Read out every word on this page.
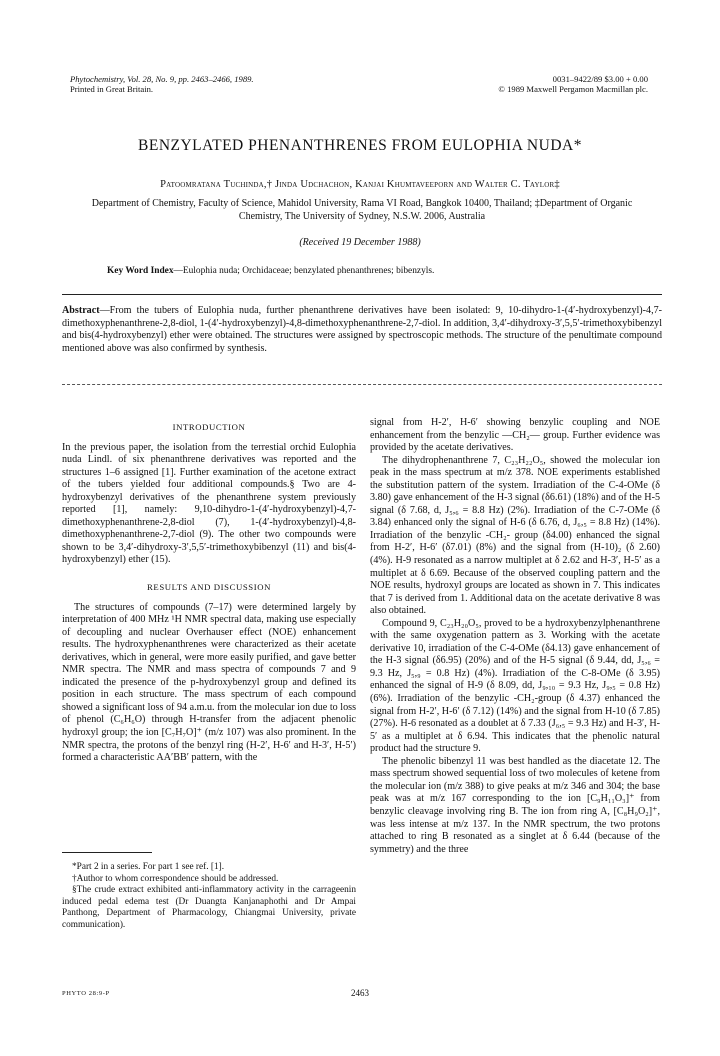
Phytochemistry, Vol. 28, No. 9, pp. 2463–2466, 1989.
Printed in Great Britain.
0031–9422/89 $3.00 + 0.00
© 1989 Maxwell Pergamon Macmillan plc.
BENZYLATED PHENANTHRENES FROM EULOPHIA NUDA*
Patoomratana Tuchinda,† Jinda Udchachon, Kanjai Khumtaveeporn and Walter C. Taylor‡
Department of Chemistry, Faculty of Science, Mahidol University, Rama VI Road, Bangkok 10400, Thailand; ‡Department of Organic Chemistry, The University of Sydney, N.S.W. 2006, Australia
(Received 19 December 1988)
Key Word Index—Eulophia nuda; Orchidaceae; benzylated phenanthrenes; bibenzyls.
Abstract—From the tubers of Eulophia nuda, further phenanthrene derivatives have been isolated: 9, 10-dihydro-1-(4′-hydroxybenzyl)-4,7-dimethoxyphenanthrene-2,8-diol, 1-(4′-hydroxybenzyl)-4,8-dimethoxyphenanthrene-2,7-diol. In addition, 3,4′-dihydroxy-3′,5,5′-trimethoxybibenzyl and bis(4-hydroxybenzyl) ether were obtained. The structures were assigned by spectroscopic methods. The structure of the penultimate compound mentioned above was also confirmed by synthesis.
INTRODUCTION

In the previous paper, the isolation from the terrestial orchid Eulophia nuda Lindl. of six phenanthrene derivatives was reported and the structures 1–6 assigned [1]. Further examination of the acetone extract of the tubers yielded four additional compounds.§ Two are 4-hydroxybenzyl derivatives of the phenanthrene system previously reported [1], namely: 9,10-dihydro-1-(4′-hydroxybenzyl)-4,7-dimethoxyphenanthrene-2,8-diol (7), 1-(4′-hydroxybenzyl)-4,8-dimethoxyphenanthrene-2,7-diol (9). The other two compounds were shown to be 3,4′-dihydroxy-3′,5,5′-trimethoxybibenzyl (11) and bis(4-hydroxybenzyl) ether (15).

RESULTS AND DISCUSSION

The structures of compounds (7–17) were determined largely by interpretation of 400 MHz ¹H NMR spectral data, making use especially of decoupling and nuclear Overhauser effect (NOE) enhancement results. The hydroxyphenanthrenes were characterized as their acetate derivatives, which in general, were more easily purified, and gave better NMR spectra. The NMR and mass spectra of compounds 7 and 9 indicated the presence of the p-hydroxybenzyl group and defined its position in each structure. The mass spectrum of each compound showed a significant loss of 94 a.m.u. from the molecular ion due to loss of phenol (C₆H₆O) through H-transfer from the adjacent phenolic hydroxyl group; the ion [C₇H₇O]⁺ (m/z 107) was also prominent. In the NMR spectra, the protons of the benzyl ring (H-2′, H-6′ and H-3′, H-5′) formed a characteristic AA′BB′ pattern, with the

*Part 2 in a series. For part 1 see ref. [1].
†Author to whom correspondence should be addressed.
§The crude extract exhibited anti-inflammatory activity in the carrageenin induced pedal edema test (Dr Duangta Kanjanaphothi and Dr Ampai Panthong, Department of Pharmacology, Chiangmai University, private communication).

signal from H-2′, H-6′ showing benzylic coupling and NOE enhancement from the benzylic —CH₂— group. Further evidence was provided by the acetate derivatives.

The dihydrophenanthrene 7, C₂₃H₂₂O₅, showed the molecular ion peak in the mass spectrum at m/z 378. NOE experiments established the substitution pattern of the system. Irradiation of the C-4-OMe (δ 3.80) gave enhancement of the H-3 signal (δ6.61) (18%) and of the H-5 signal (δ 7.68, d, J₅,₆ = 8.8 Hz) (2%). Irradiation of the C-7-OMe (δ 3.84) enhanced only the signal of H-6 (δ 6.76, d, J₆,₅ = 8.8 Hz) (14%). Irradiation of the benzylic -CH₂- group (δ4.00) enhanced the signal from H-2′, H-6′ (δ7.01) (8%) and the signal from (H-10)₂ (δ 2.60) (4%). H-9 resonated as a narrow multiplet at δ 2.62 and H-3′, H-5′ as a multiplet at δ 6.69. Because of the observed coupling pattern and the NOE results, hydroxyl groups are located as shown in 7. This indicates that 7 is derived from 1. Additional data on the acetate derivative 8 was also obtained.

Compound 9, C₂₃H₂₀O₅, proved to be a hydroxybenzylphenanthrene with the same oxygenation pattern as 3. Working with the acetate derivative 10, irradiation of the C-4-OMe (δ4.13) gave enhancement of the H-3 signal (δ6.95) (20%) and of the H-5 signal (δ 9.44, dd, J₅,₆ = 9.3 Hz, J₅,₉ = 0.8 Hz) (4%). Irradiation of the C-8-OMe (δ 3.95) enhanced the signal of H-9 (δ 8.09, dd, J₉,₁₀ = 9.3 Hz, J₉,₅ = 0.8 Hz) (6%). Irradiation of the benzylic -CH₂-group (δ 4.37) enhanced the signal from H-2′, H-6′ (δ 7.12) (14%) and the signal from H-10 (δ 7.85) (27%). H-6 resonated as a doublet at δ 7.33 (J₆,₅ = 9.3 Hz) and H-3′, H-5′ as a multiplet at δ 6.94. This indicates that the phenolic natural product had the structure 9.

The phenolic bibenzyl 11 was best handled as the diacetate 12. The mass spectrum showed sequential loss of two molecules of ketene from the molecular ion (m/z 388) to give peaks at m/z 346 and 304; the base peak was at m/z 167 corresponding to the ion [C₉H₁₁O₃]⁺ from benzylic cleavage involving ring B. The ion from ring A, [C₈H₉O₂]⁺, was less intense at m/z 137. In the NMR spectrum, the two protons attached to ring B resonated as a singlet at δ 6.44 (because of the symmetry) and the three

PHYTO 28:9-P	2463
